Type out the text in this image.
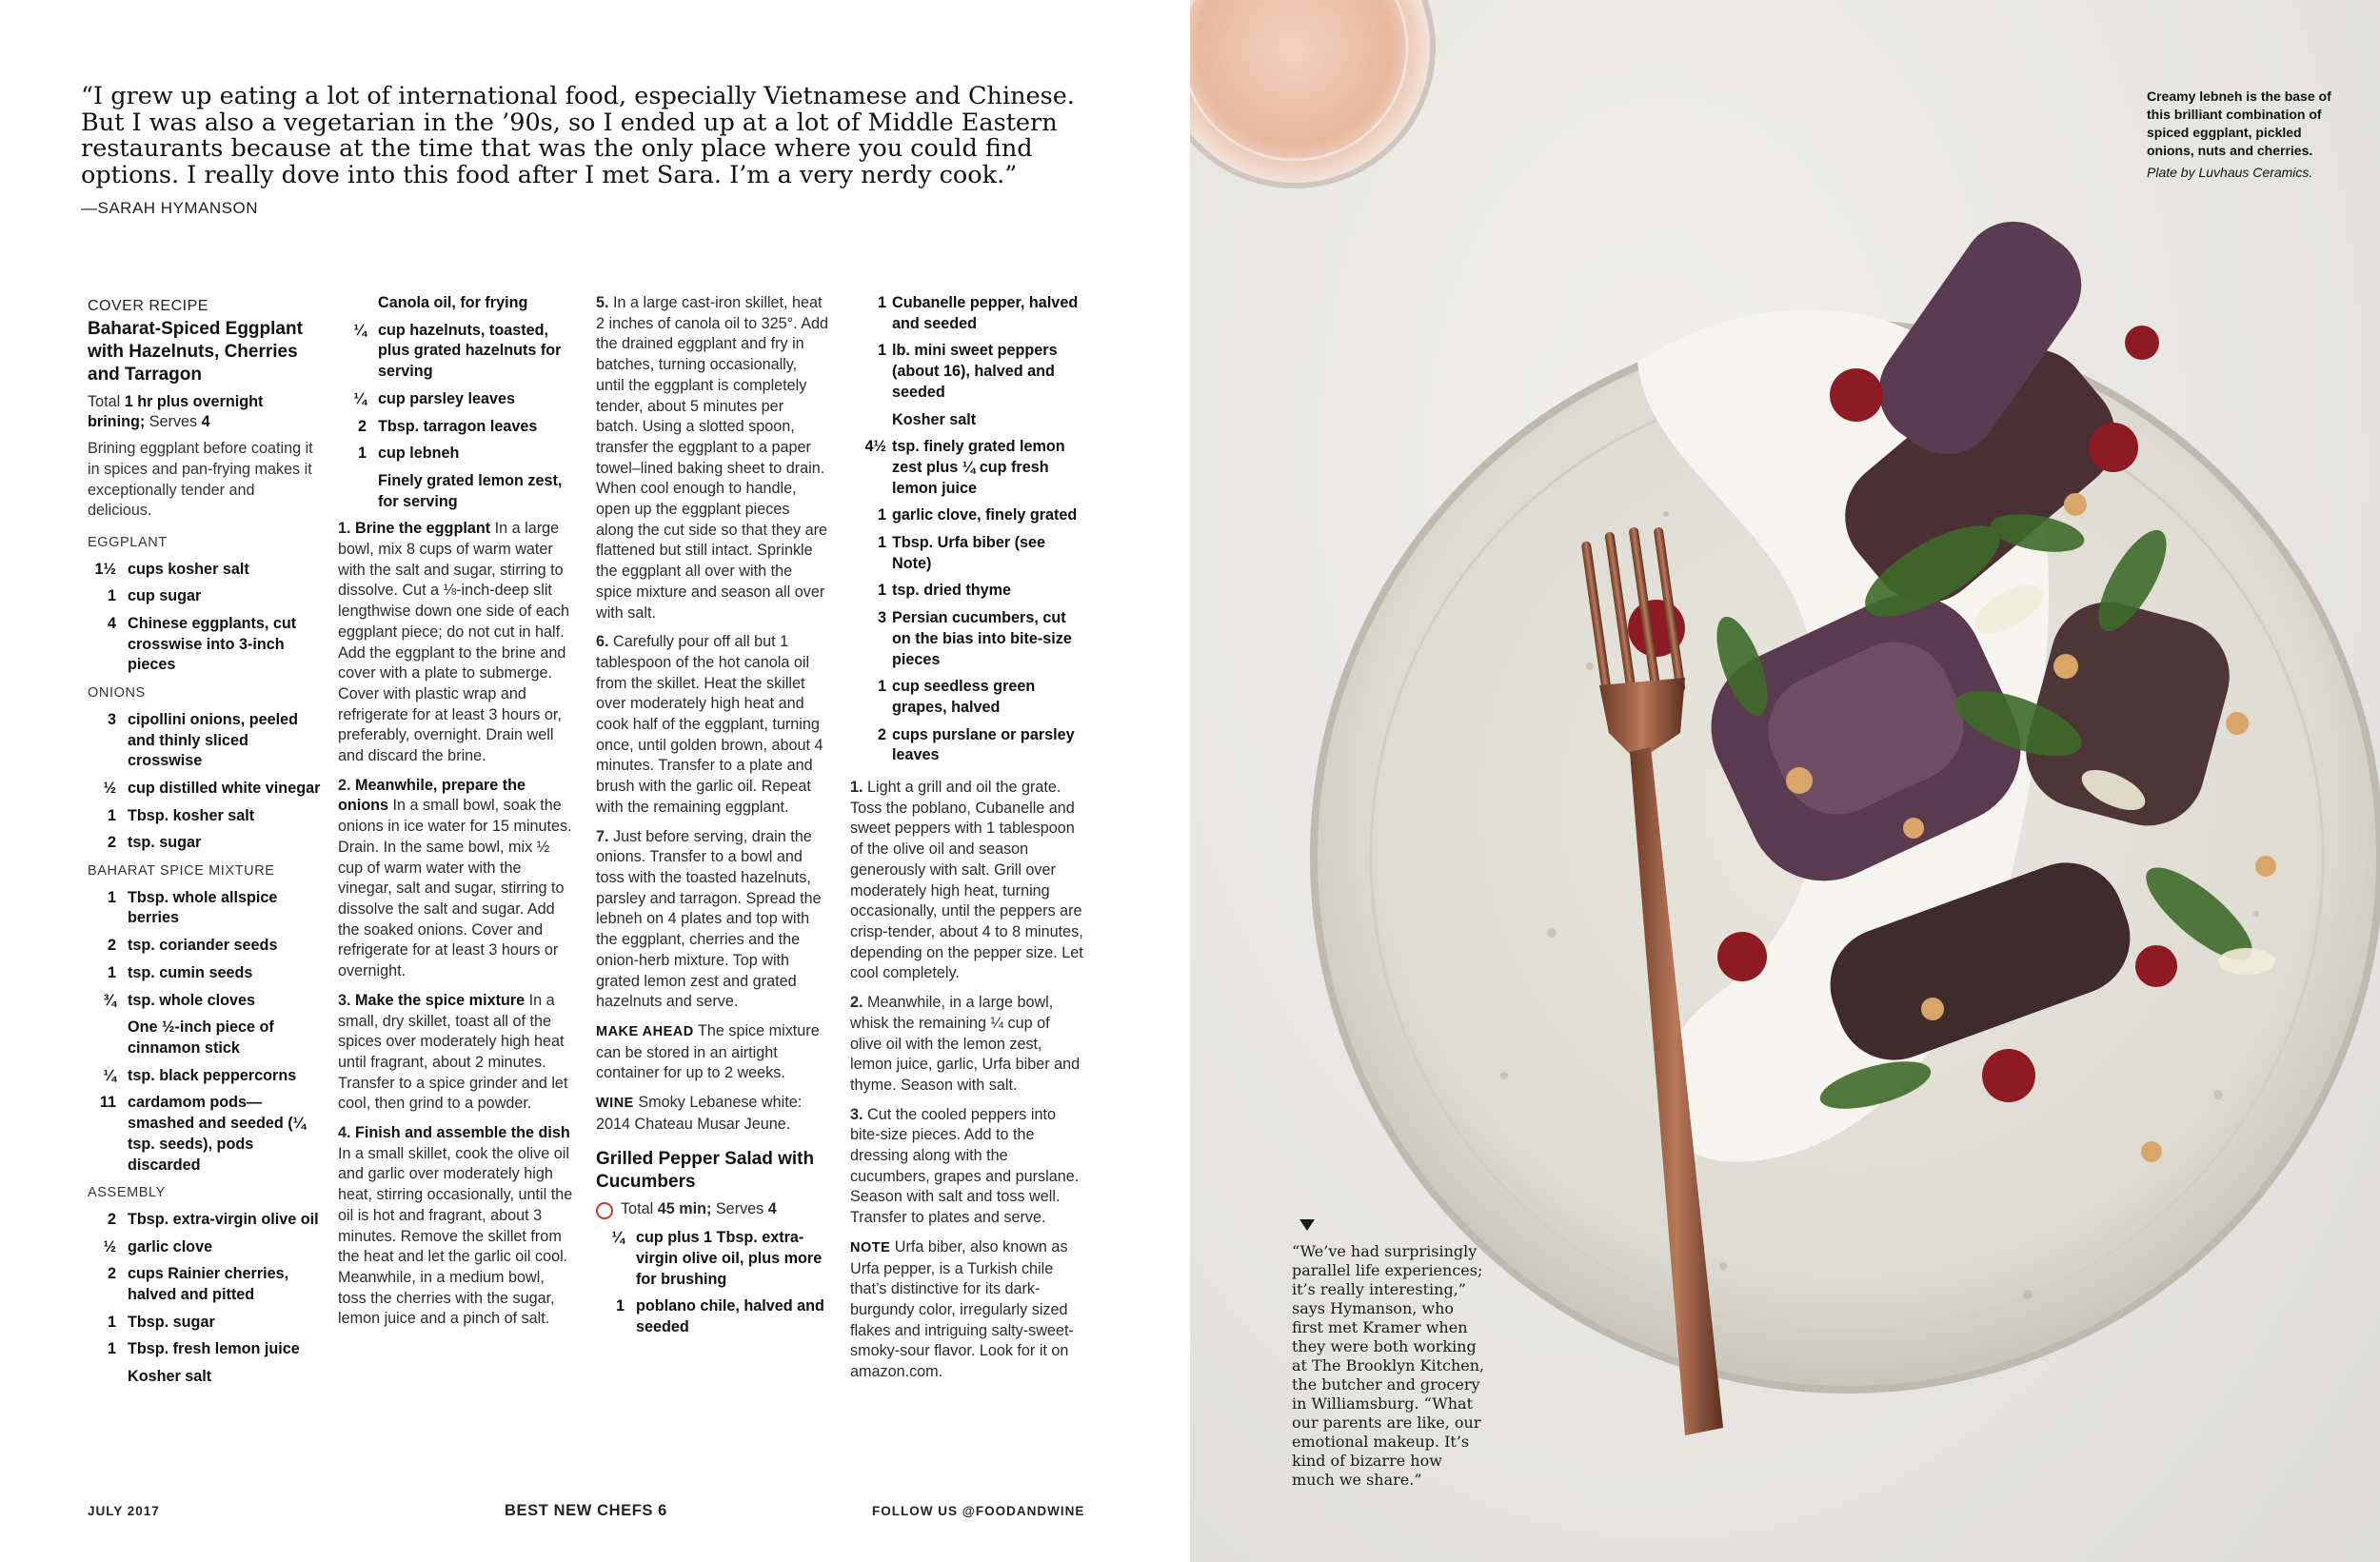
“I grew up eating a lot of international food, especially Vietnamese and Chinese.

But I was also a vegetarian in the ’90s, so I ended up at a lot of Middle Eastern

restaurants because at the time that was the only place where you could find

options. I really dove into this food after I met Sara. I’m a very nerdy cook.”

—SARAH HYMANSON
COVER RECIPE
Baharat-Spiced Eggplant with Hazelnuts, Cherries and Tarragon
Total 1 hr plus overnight brining; Serves 4
Brining eggplant before coating it in spices and pan-frying makes it exceptionally tender and delicious.
EGGPLANT
1½ cups kosher salt
1 cup sugar
4 Chinese eggplants, cut crosswise into 3-inch pieces
ONIONS
3 cipollini onions, peeled and thinly sliced crosswise
½ cup distilled white vinegar
1 Tbsp. kosher salt
2 tsp. sugar
BAHARAT SPICE MIXTURE
1 Tbsp. whole allspice berries
2 tsp. coriander seeds
1 tsp. cumin seeds
¾ tsp. whole cloves
One ½-inch piece of cinnamon stick
¼ tsp. black peppercorns
11 cardamom pods—smashed and seeded (¼ tsp. seeds), pods discarded
ASSEMBLY
2 Tbsp. extra-virgin olive oil
½ garlic clove
2 cups Rainier cherries, halved and pitted
1 Tbsp. sugar
1 Tbsp. fresh lemon juice
Kosher salt
Canola oil, for frying
¼ cup hazelnuts, toasted, plus grated hazelnuts for serving
¼ cup parsley leaves
2 Tbsp. tarragon leaves
1 cup lebneh
Finely grated lemon zest, for serving
1. Brine the eggplant In a large bowl, mix 8 cups of warm water with the salt and sugar, stirring to dissolve. Cut a ⅛-inch-deep slit lengthwise down one side of each eggplant piece; do not cut in half. Add the eggplant to the brine and cover with a plate to submerge. Cover with plastic wrap and refrigerate for at least 3 hours or, preferably, overnight. Drain well and discard the brine.
2. Meanwhile, prepare the onions In a small bowl, soak the onions in ice water for 15 minutes. Drain. In the same bowl, mix ½ cup of warm water with the vinegar, salt and sugar, stirring to dissolve the salt and sugar. Add the soaked onions. Cover and refrigerate for at least 3 hours or overnight.
3. Make the spice mixture In a small, dry skillet, toast all of the spices over moderately high heat until fragrant, about 2 minutes. Transfer to a spice grinder and let cool, then grind to a powder.
4. Finish and assemble the dish In a small skillet, cook the olive oil and garlic over moderately high heat, stirring occasionally, until the oil is hot and fragrant, about 3 minutes. Remove the skillet from the heat and let the garlic oil cool. Meanwhile, in a medium bowl, toss the cherries with the sugar, lemon juice and a pinch of salt.
5. In a large cast-iron skillet, heat 2 inches of canola oil to 325°. Add the drained eggplant and fry in batches, turning occasionally, until the eggplant is completely tender, about 5 minutes per batch. Using a slotted spoon, transfer the eggplant to a paper towel–lined baking sheet to drain. When cool enough to handle, open up the eggplant pieces along the cut side so that they are flattened but still intact. Sprinkle the eggplant all over with the spice mixture and season all over with salt.
6. Carefully pour off all but 1 tablespoon of the hot canola oil from the skillet. Heat the skillet over moderately high heat and cook half of the eggplant, turning once, until golden brown, about 4 minutes. Transfer to a plate and brush with the garlic oil. Repeat with the remaining eggplant.
7. Just before serving, drain the onions. Transfer to a bowl and toss with the toasted hazelnuts, parsley and tarragon. Spread the lebneh on 4 plates and top with the eggplant, cherries and the onion-herb mixture. Top with grated lemon zest and grated hazelnuts and serve.
MAKE AHEAD The spice mixture can be stored in an airtight container for up to 2 weeks.
WINE Smoky Lebanese white: 2014 Chateau Musar Jeune.
Grilled Pepper Salad with Cucumbers
Total 45 min; Serves 4
¼ cup plus 1 Tbsp. extra-virgin olive oil, plus more for brushing
1 poblano chile, halved and seeded
1 Cubanelle pepper, halved and seeded
1 lb. mini sweet peppers (about 16), halved and seeded
Kosher salt
4½ tsp. finely grated lemon zest plus ¼ cup fresh lemon juice
1 garlic clove, finely grated
1 Tbsp. Urfa biber (see Note)
1 tsp. dried thyme
3 Persian cucumbers, cut on the bias into bite-size pieces
1 cup seedless green grapes, halved
2 cups purslane or parsley leaves
1. Light a grill and oil the grate. Toss the poblano, Cubanelle and sweet peppers with 1 tablespoon of the olive oil and season generously with salt. Grill over moderately high heat, turning occasionally, until the peppers are crisp-tender, about 4 to 8 minutes, depending on the pepper size. Let cool completely.
2. Meanwhile, in a large bowl, whisk the remaining ¼ cup of olive oil with the lemon zest, lemon juice, garlic, Urfa biber and thyme. Season with salt.
3. Cut the cooled peppers into bite-size pieces. Add to the dressing along with the cucumbers, grapes and purslane. Season with salt and toss well. Transfer to plates and serve.
NOTE Urfa biber, also known as Urfa pepper, is a Turkish chile that’s distinctive for its dark-burgundy color, irregularly sized flakes and intriguing salty-sweet-smoky-sour flavor. Look for it on amazon.com.
JULY 2017	BEST NEW CHEFS 6	FOLLOW US @FOODANDWINE

Creamy lebneh is the base of this brilliant combination of spiced eggplant, pickled onions, nuts and cherries.

Plate by Luvhaus Ceramics.

“We’ve had surprisingly parallel life experiences; it’s really interesting,” says Hymanson, who first met Kramer when they were both working at The Brooklyn Kitchen, the butcher and grocery in Williamsburg. “What our parents are like, our emotional makeup. It’s kind of bizarre how much we share.”
